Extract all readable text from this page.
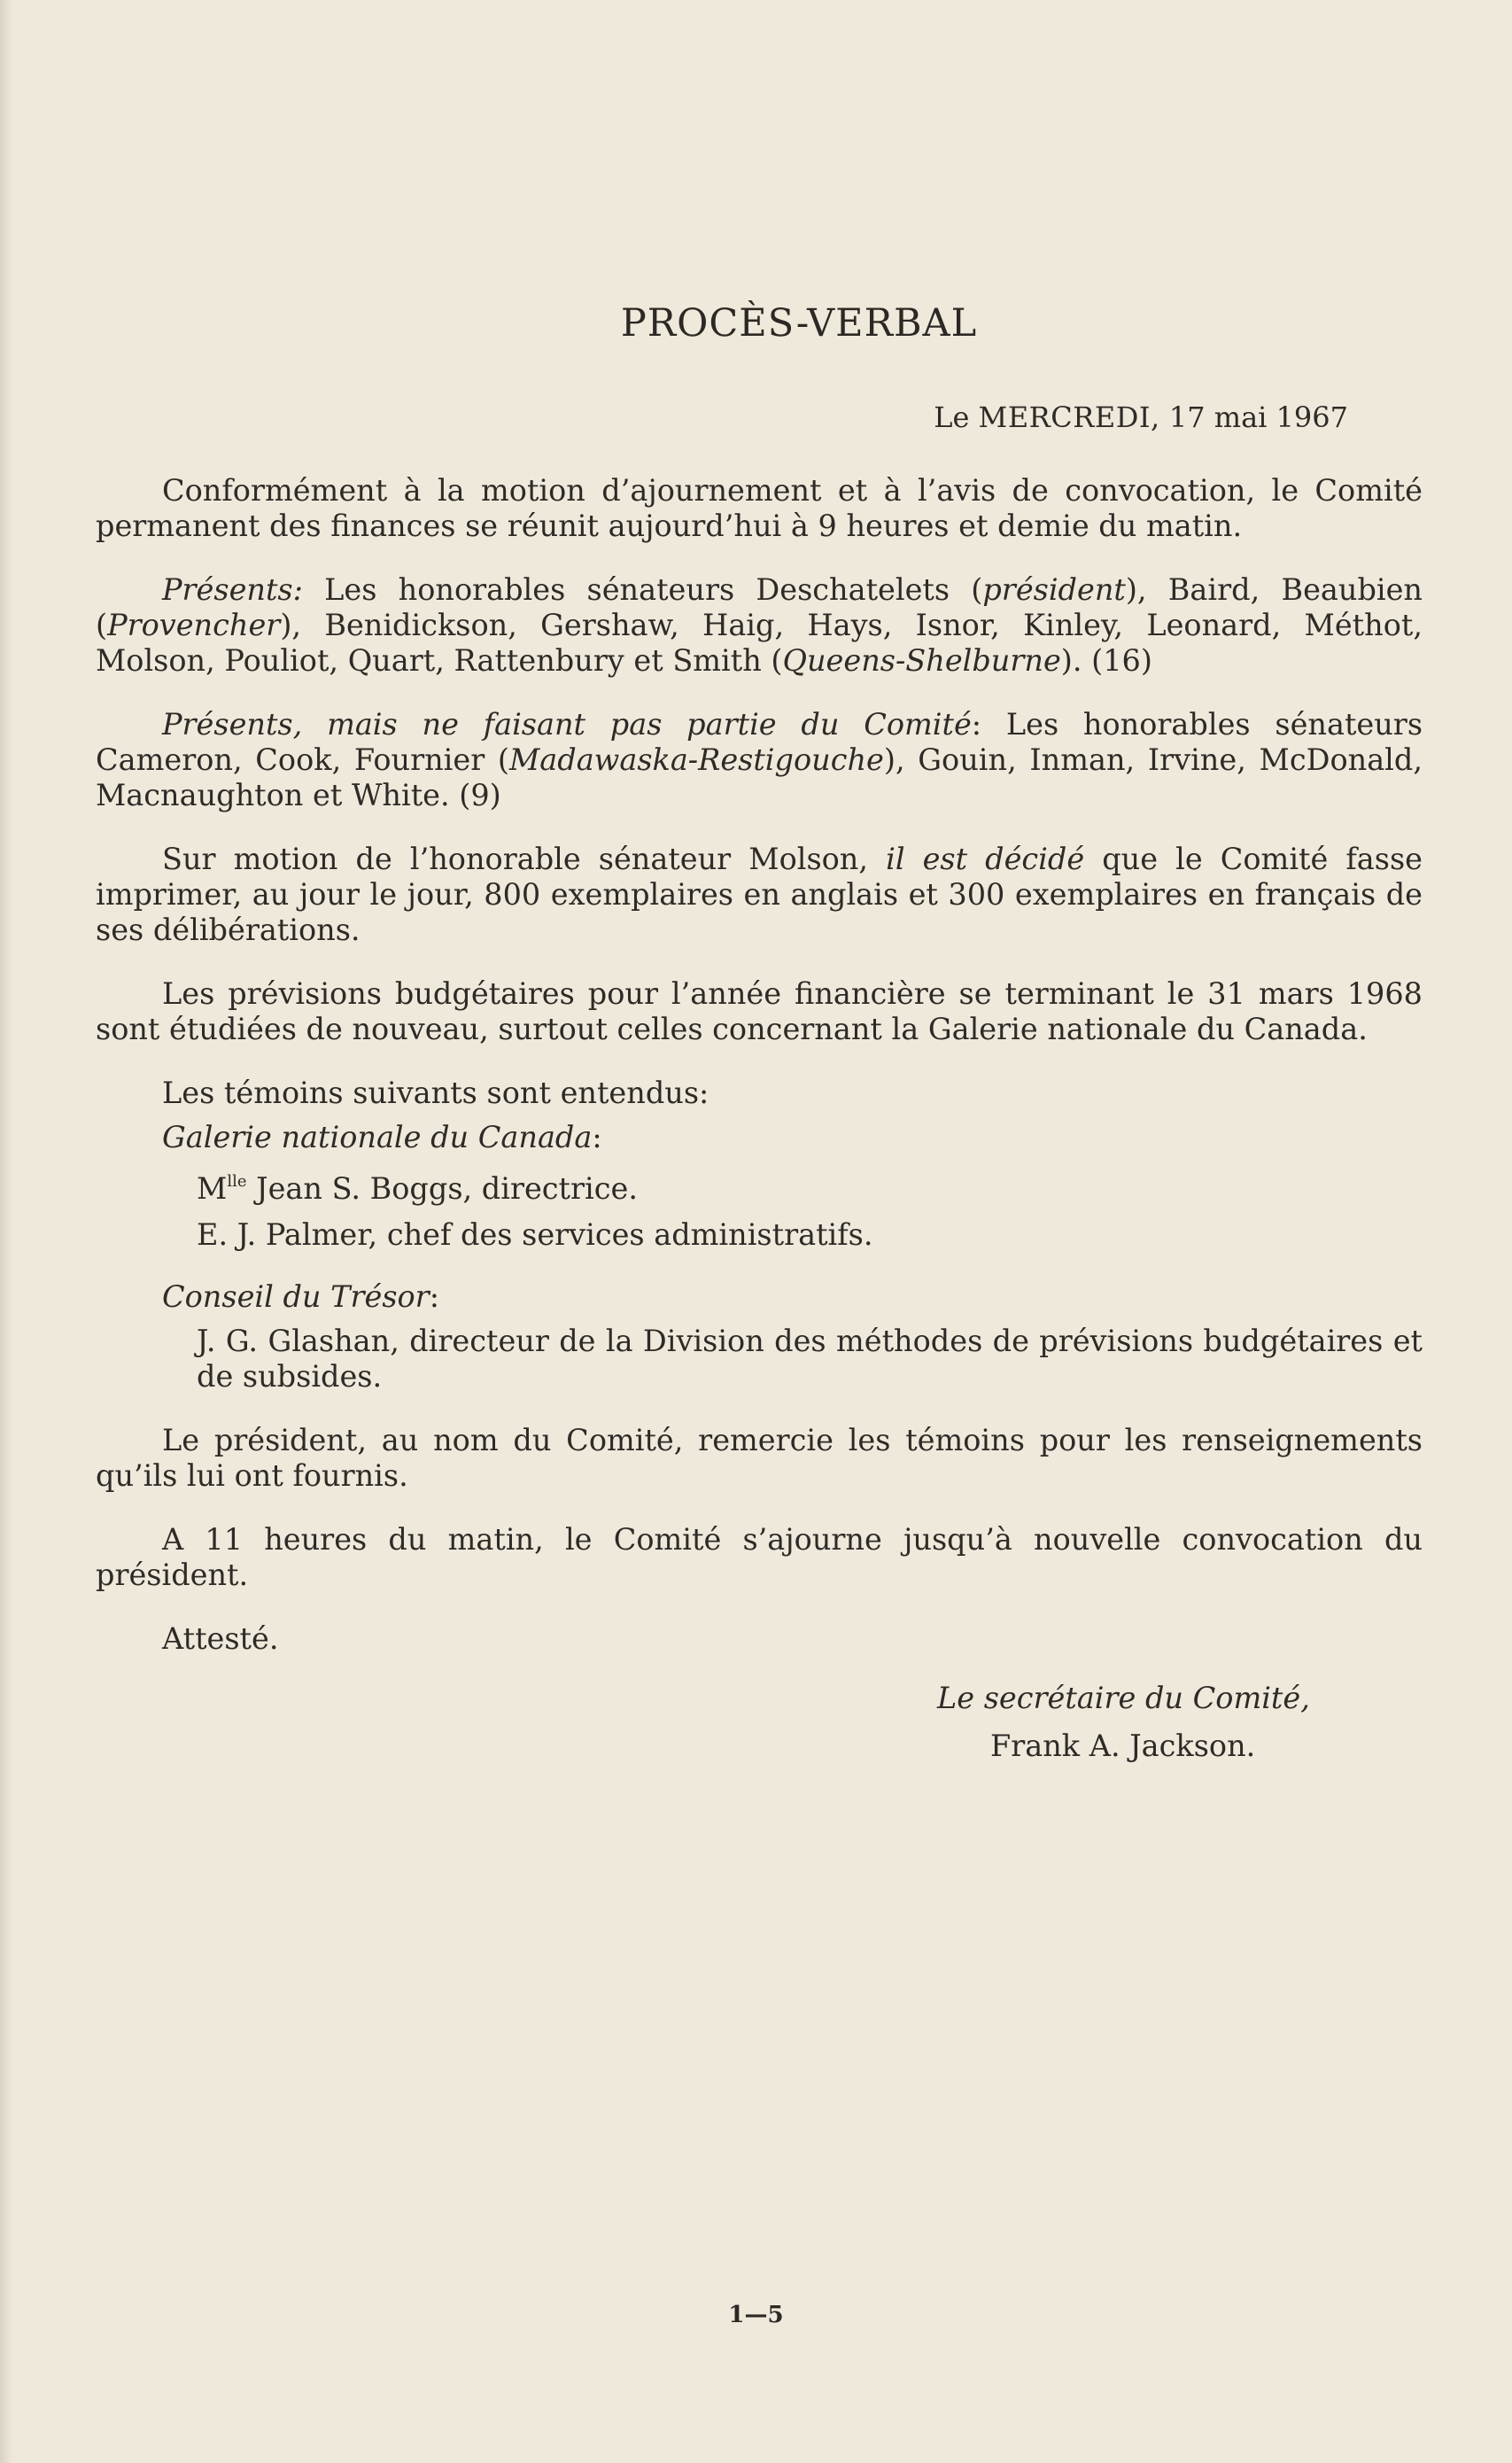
PROCÈS-VERBAL
Le MERCREDI, 17 mai 1967

Conformément à la motion d’ajournement et à l’avis de convocation, le Comité permanent des finances se réunit aujourd’hui à 9 heures et demie du matin.

Présents: Les honorables sénateurs Deschatelets (président), Baird, Beaubien (Provencher), Benidickson, Gershaw, Haig, Hays, Isnor, Kinley, Leonard, Méthot, Molson, Pouliot, Quart, Rattenbury et Smith (Queens-Shelburne). (16)

Présents, mais ne faisant pas partie du Comité: Les honorables sénateurs Cameron, Cook, Fournier (Madawaska-Restigouche), Gouin, Inman, Irvine, McDonald, Macnaughton et White. (9)

Sur motion de l’honorable sénateur Molson, il est décidé que le Comité fasse imprimer, au jour le jour, 800 exemplaires en anglais et 300 exemplaires en français de ses délibérations.

Les prévisions budgétaires pour l’année financière se terminant le 31 mars 1968 sont étudiées de nouveau, surtout celles concernant la Galerie nationale du Canada.

Les témoins suivants sont entendus:

Galerie nationale du Canada:

$M^{lle}$ Jean S. Boggs, directrice.
E. J. Palmer, chef des services administratifs.

Conseil du Trésor:

J. G. Glashan, directeur de la Division des méthodes de prévisions budgétaires et de subsides.

Le président, au nom du Comité, remercie les témoins pour les renseignements qu’ils lui ont fournis.

A 11 heures du matin, le Comité s’ajourne jusqu’à nouvelle convocation du président.

Attesté.

Le secrétaire du Comité,
Frank A. Jackson.
1—5
